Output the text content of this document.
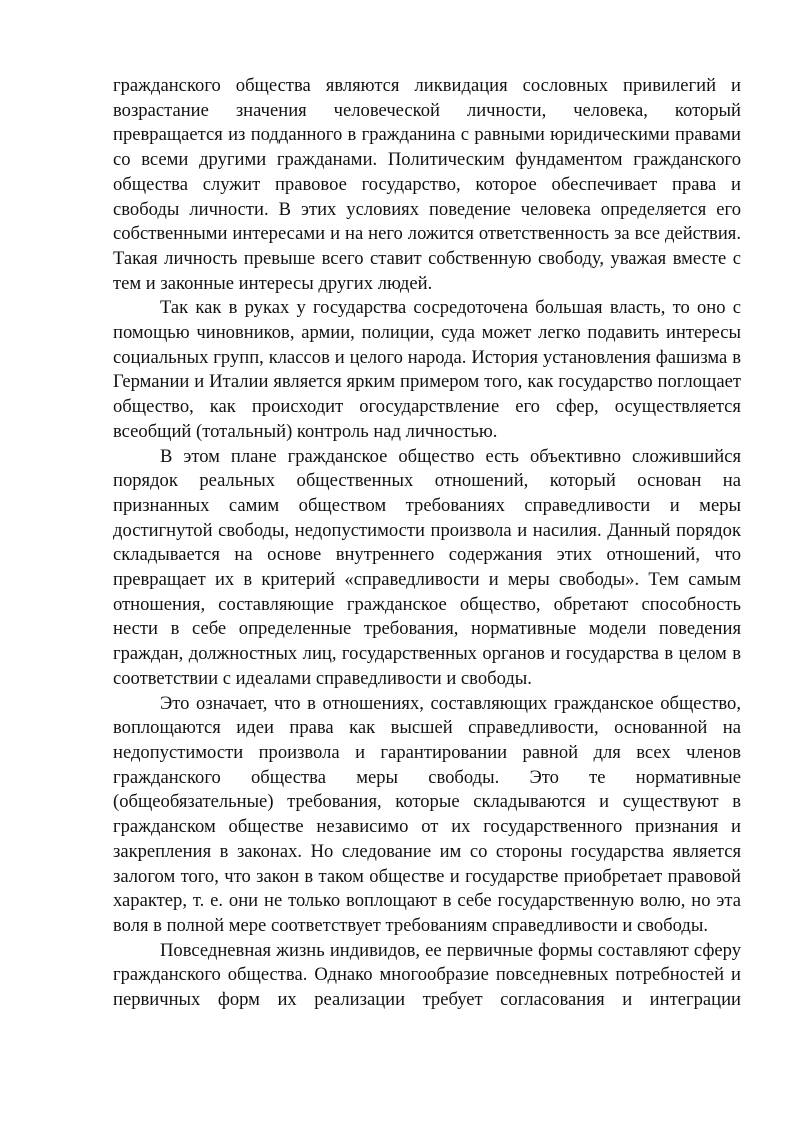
гражданского общества являются ликвидация сословных привилегий и возрастание значения человеческой личности, человека, который превращается из подданного в гражданина с равными юридическими правами со всеми другими гражданами. Политическим фундаментом гражданского общества служит правовое государство, которое обеспечивает права и свободы личности. В этих условиях поведение человека определяется его собственными интересами и на него ложится ответственность за все действия. Такая личность превыше всего ставит собственную свободу, уважая вместе с тем и законные интересы других людей.

Так как в руках у государства сосредоточена большая власть, то оно с помощью чиновников, армии, полиции, суда может легко подавить интересы социальных групп, классов и целого народа. История установления фашизма в Германии и Италии является ярким примером того, как государство поглощает общество, как происходит огосударствление его сфер, осуществляется всеобщий (тотальный) контроль над личностью.

В этом плане гражданское общество есть объективно сложившийся порядок реальных общественных отношений, который основан на признанных самим обществом требованиях справедливости и меры достигнутой свободы, недопустимости произвола и насилия. Данный порядок складывается на основе внутреннего содержания этих отношений, что превращает их в критерий «справедливости и меры свободы». Тем самым отношения, составляющие гражданское общество, обретают способность нести в себе определенные требования, нормативные модели поведения граждан, должностных лиц, государственных органов и государства в целом в соответствии с идеалами справедливости и свободы.

Это означает, что в отношениях, составляющих гражданское общество, воплощаются идеи права как высшей справедливости, основанной на недопустимости произвола и гарантировании равной для всех членов гражданского общества меры свободы. Это те нормативные (общеобязательные) требования, которые складываются и существуют в гражданском обществе независимо от их государственного признания и закрепления в законах. Но следование им со стороны государства является залогом того, что закон в таком обществе и государстве приобретает правовой характер, т. е. они не только воплощают в себе государственную волю, но эта воля в полной мере соответствует требованиям справедливости и свободы.

Повседневная жизнь индивидов, ее первичные формы составляют сферу гражданского общества. Однако многообразие повседневных потребностей и первичных форм их реализации требует согласования и интеграции
